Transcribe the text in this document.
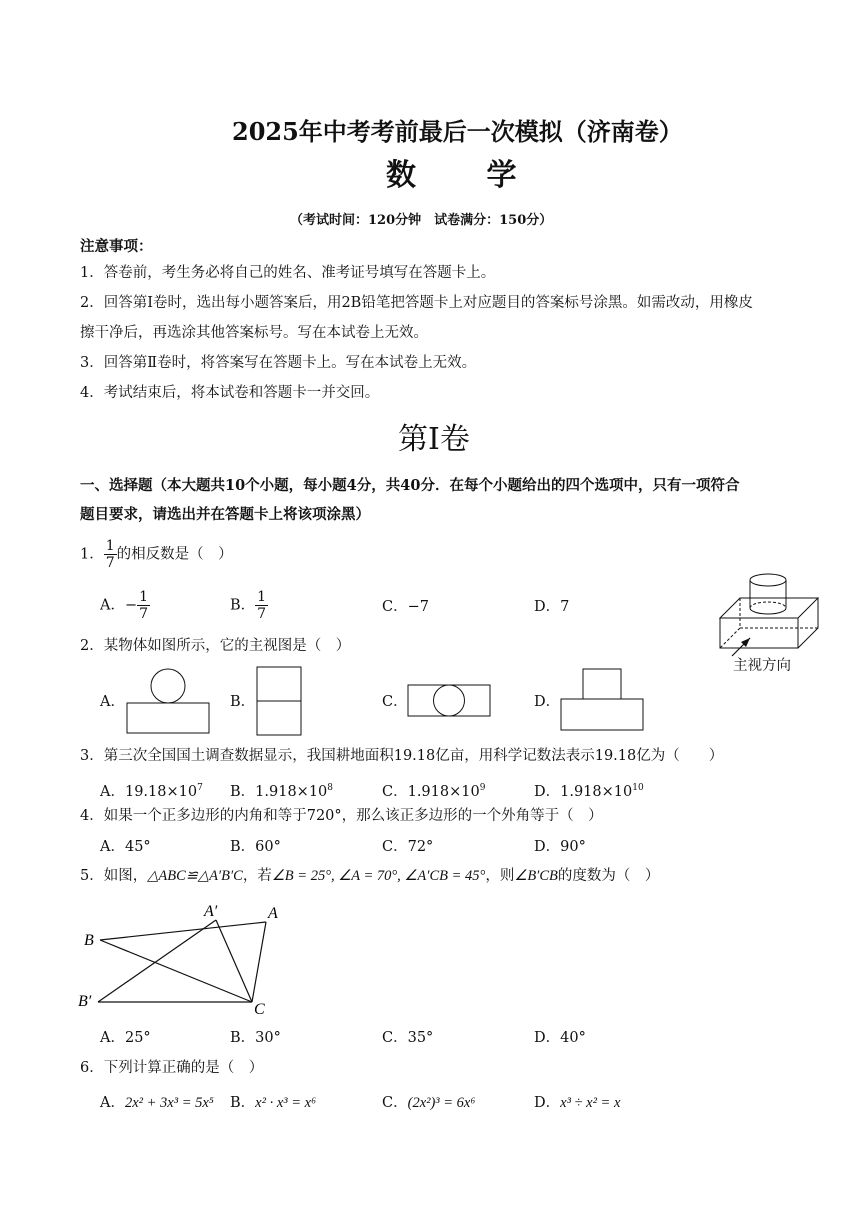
2025年中考考前最后一次模拟（济南卷）
数 学
（考试时间：120分钟　试卷满分：150分）
注意事项：
1．答卷前，考生务必将自己的姓名、准考证号填写在答题卡上。
2．回答第Ⅰ卷时，选出每小题答案后，用2B铅笔把答题卡上对应题目的答案标号涂黑。如需改动，用橡皮
擦干净后，再选涂其他答案标号。写在本试卷上无效。
3．回答第Ⅱ卷时，将答案写在答题卡上。写在本试卷上无效。
4．考试结束后，将本试卷和答题卡一并交回。
第Ⅰ卷
一、选择题（本大题共10个小题，每小题4分，共40分．在每个小题给出的四个选项中，只有一项符合
题目要求，请选出并在答题卡上将该项涂黑）
1． $\frac{1}{7}$ 的相反数是（　）
A．− $\frac{1}{7}$	B． $\frac{1}{7}$	C．−7	D．7
主视方向
2．某物体如图所示，它的主视图是（　）
A．	B．	C．	D．
3．第三次全国国土调查数据显示，我国耕地面积19.18亿亩，用科学记数法表示19.18亿为（　　）
A．$19.18\times 10^7$ B．$1.918\times 10^8$	C．$1.918\times 10^9$	D．$1.918\times 10^{10}$
4．如果一个正多边形的内角和等于720°，那么该正多边形的一个外角等于（　）
A．45°	B．60°	C．72°	D．90°
5．如图，△ABC≌△A′B′C，若∠B = 25°, ∠A = 70°, ∠A′CB = 45°，则∠B′CB的度数为（　）
A′	A
B
B′	C
A．25°	B．30°	C．35°	D．40°
6．下列计算正确的是（　）
A．2x² + 3x³ = 5x⁵ B．x² · x³ = x⁶	C．(2x²)³ = 6x⁶	D．x³ ÷ x² = x
